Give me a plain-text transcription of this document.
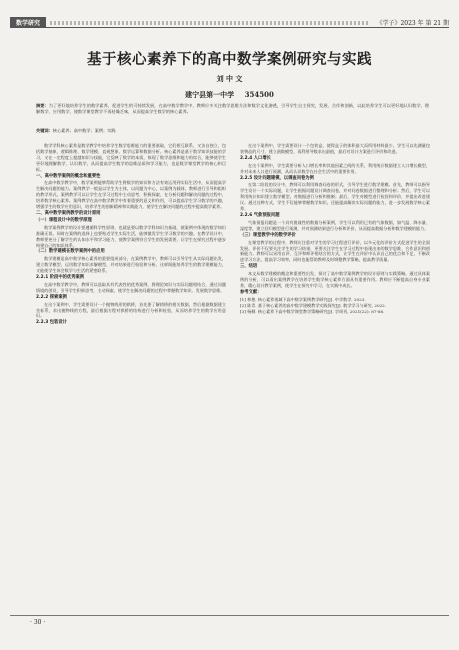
数学研究	《学子》2023 年 第 21 期
基于核心素养下的高中数学案例研究与实践
刘 中 文
建宁县第一中学 354500
摘要：为了更好地培养学生的数学素养，促进学生的可持续发展，在高中数学教学中，教师应多关注数学思维方法和数学文化渗透，引导学生自主探究，发展、合作和创新，以此培养学生可以更好地认识数学、理解数学、应用数学，使数学课堂教学不再枯燥乏味，从而提高学生数学的核心素养。
关键词：核心素养；高中数学；案例；实践

数学学科核心素养是数学教学中培养学生数学思维能力的重要基础，它们相互联系，又各自独立，包括数学抽象、逻辑推理、数学建模、直观想象、数学运算和数据分析。核心素养是基于数学知识技能的学习，又在一定程度上超越知识与技能，它反映了数学的本质，体现了数学思维和能力的综合，能够使学生更好地理解数学、认识数学，从而提高学生数学的思维品质和学习能力，也是数学课堂教学的核心和目标。

一、高中数学案例的概念和重要性

在高中数学教学中，数学案例能够帮助学生将数学的知识和方法有效运用到实际生活中，从而提高学生解决问题的能力。案例教学一般是以学生为主体，以问题为中心，以案例为载体，教师进行引导和组织的教学形式。案例教学可以让学生在学习过程中主动思考，积极探索，在分析问题和解决问题的过程中，培养数学核心素养。案例教学在高中数学教学中有着重要的意义和作用，可以提高学生学习数学的兴趣，增强学生的数学应用意识，培养学生的创新精神和实践能力，使学生在解决问题的过程中提高数学素养。

二、高中数学案例教学的设计原则

（一）课程设计中的数学原理

数学案例教学的设计要遵循科学性原则，也就是要以数学学科知识为基础，使案例中体现的数学知识准确无误，同时在案例的选择上也要贴近学生实际生活，能够激发学生学习数学的兴趣。在教学设计中，教师要充分了解学生的认知水平和学习能力，使教学案例符合学生的发展需要，让学生在探究过程中逐步构建自己的知识体系。

（二）数学建模在数学案例中的应用

数学建模是高中数学核心素养的重要组成部分，在案例教学中，教师可以引导学生从实际问题出发，建立数学模型，运用数学知识求解模型，并对结果进行检验和分析。这样既能培养学生的数学建模能力，又能使学生体会数学与生活的紧密联系。

2.2.1 阶段中的优秀案例

在高中数学教学中，教师可以选取具有代表性的优秀案例，将理论知识与实际问题相结合，通过问题情境的创设，引导学生积极思考，主动探索，使学生在解决问题的过程中掌握数学知识，发展数学思维。

2.2.2 探索案例

在这个案例中，学生需要设计一个抛物线形的拱桥，首先要了解拱桥的相关数据，然后根据数据建立坐标系，求出抛物线的方程，最后根据方程对拱桥的结构进行分析和检验，从而培养学生的数学应用意识。

2.2.3 包装设计

在这个案例中，学生需要设计一个包装盒，使得盒子的体积最大而所用材料最少。学生可以先测量包装物品的尺寸，建立函数模型，再利用导数求出最值，最后对设计方案进行评价和改进。

2.2.4 人口增长

在这个案例中，学生需要分析人口增长率和其他因素之间的关系，利用统计数据建立人口增长模型，并对未来人口进行预测，从而认识数学在社会生活中的重要作用。

2.2.5 设计问题建模，以调查问卷为例

在第二阶段的设计中，教师可以利用调查问卷的形式，引导学生进行数学建模。首先，教师可以指导学生设计一个实际问题，让学生根据问题设计调查问卷，并对问卷数据进行整理和分析；然后，学生可以利用统计知识建立数学模型，对数据进行分析和推断；最后，学生对模型进行检验和评价，并提出改进建议。通过这种方式，学生不仅能够掌握数学知识，还能提高解决实际问题的能力，进一步发展数学核心素养。

2.2.6 气象预报问题

气象预报问题是一个具有挑战性的数据分析案例，学生可以利用已有的气象数据，如气温、降水量、湿度等，建立回归模型进行预测，并对预测结果进行分析和评价，从而提高数据分析和数学建模的能力。

（三）课堂教学中的数学评价

在课堂教学的过程中，教师应注重对学生的学习过程进行评价，以多元化的评价方式促进学生的全面发展。评价不仅要关注学生的学习结果，更要关注学生在学习过程中表现出来的数学思维、合作意识和创新能力。教师可以采用自评、互评和师评相结合的方式，让学生在评价中认识自己的优点和不足，不断改进学习方法，提高学习效率，同时也能帮助教师及时调整教学策略，提高教学质量。

三、结语

本文从数学建模的概念和重要性出发，探讨了高中数学案例教学的设计原则与实践策略。通过具体案例的分析，可以看出案例教学在培养学生数学核心素养方面具有重要作用。教师应不断提高自身专业素养，精心设计教学案例，使学生在探究中学习，在实践中成长。

参考文献：

[1] 林艳. 核心素养视域下高中数学案例教学研究[J]. 中学数学, 2023.

[2] 陈青. 基于核心素养的高中数学建模教学实践探究[J]. 数学学习与研究, 2022.

[3] 杨柳. 核心素养下高中数学课堂教学策略研究[J]. 学周刊, 2021(22): 87-88.

· 30 ·
